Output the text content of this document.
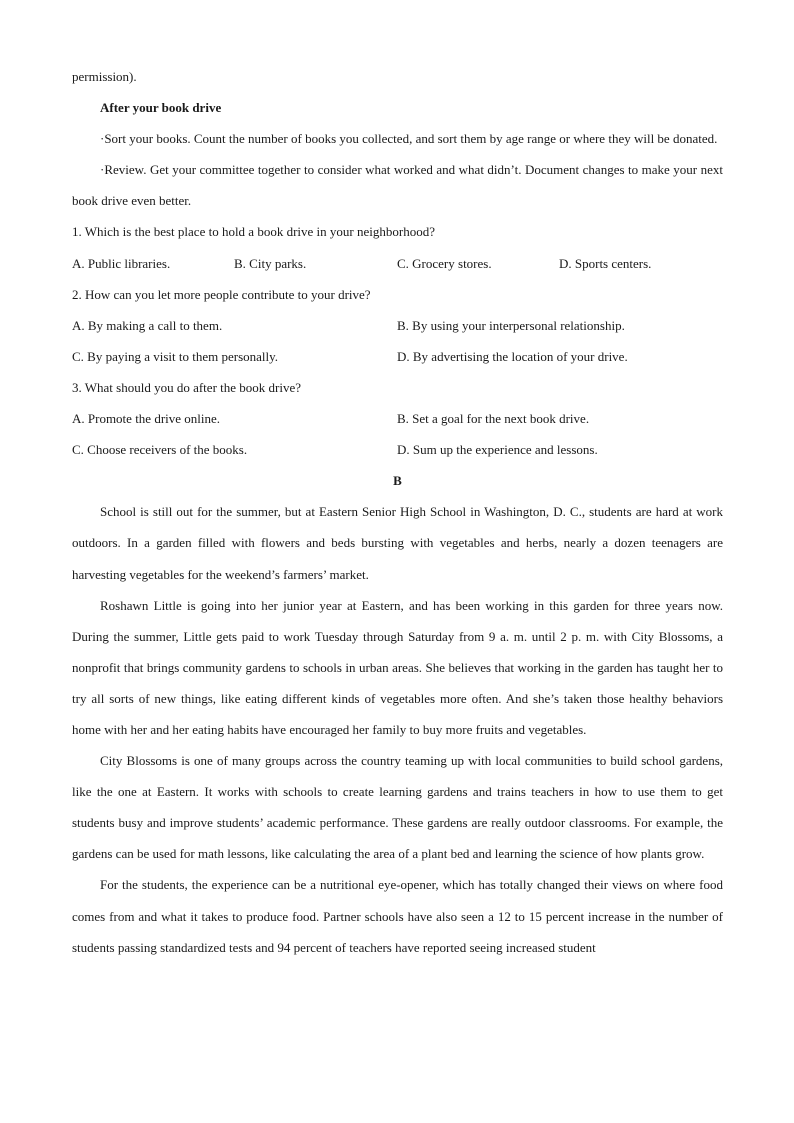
permission).

After your book drive

·Sort your books. Count the number of books you collected, and sort them by age range or where they will be donated.

·Review. Get your committee together to consider what worked and what didn’t. Document changes to make your next book drive even better.

1. Which is the best place to hold a book drive in your neighborhood?

A. Public libraries.	B. City parks.	C. Grocery stores.	D. Sports centers.

2. How can you let more people contribute to your drive?

A. By making a call to them.	B. By using your interpersonal relationship.
C. By paying a visit to them personally.	D. By advertising the location of your drive.

3. What should you do after the book drive?

A. Promote the drive online.	B. Set a goal for the next book drive.
C. Choose receivers of the books.	D. Sum up the experience and lessons.

B

School is still out for the summer, but at Eastern Senior High School in Washington, D. C., students are hard at work outdoors. In a garden filled with flowers and beds bursting with vegetables and herbs, nearly a dozen teenagers are harvesting vegetables for the weekend’s farmers’ market.

Roshawn Little is going into her junior year at Eastern, and has been working in this garden for three years now. During the summer, Little gets paid to work Tuesday through Saturday from 9 a. m. until 2 p. m. with City Blossoms, a nonprofit that brings community gardens to schools in urban areas. She believes that working in the garden has taught her to try all sorts of new things, like eating different kinds of vegetables more often. And she’s taken those healthy behaviors home with her and her eating habits have encouraged her family to buy more fruits and vegetables.

City Blossoms is one of many groups across the country teaming up with local communities to build school gardens, like the one at Eastern. It works with schools to create learning gardens and trains teachers in how to use them to get students busy and improve students’ academic performance. These gardens are really outdoor classrooms. For example, the gardens can be used for math lessons, like calculating the area of a plant bed and learning the science of how plants grow.

For the students, the experience can be a nutritional eye-opener, which has totally changed their views on where food comes from and what it takes to produce food. Partner schools have also seen a 12 to 15 percent increase in the number of students passing standardized tests and 94 percent of teachers have reported seeing increased student
